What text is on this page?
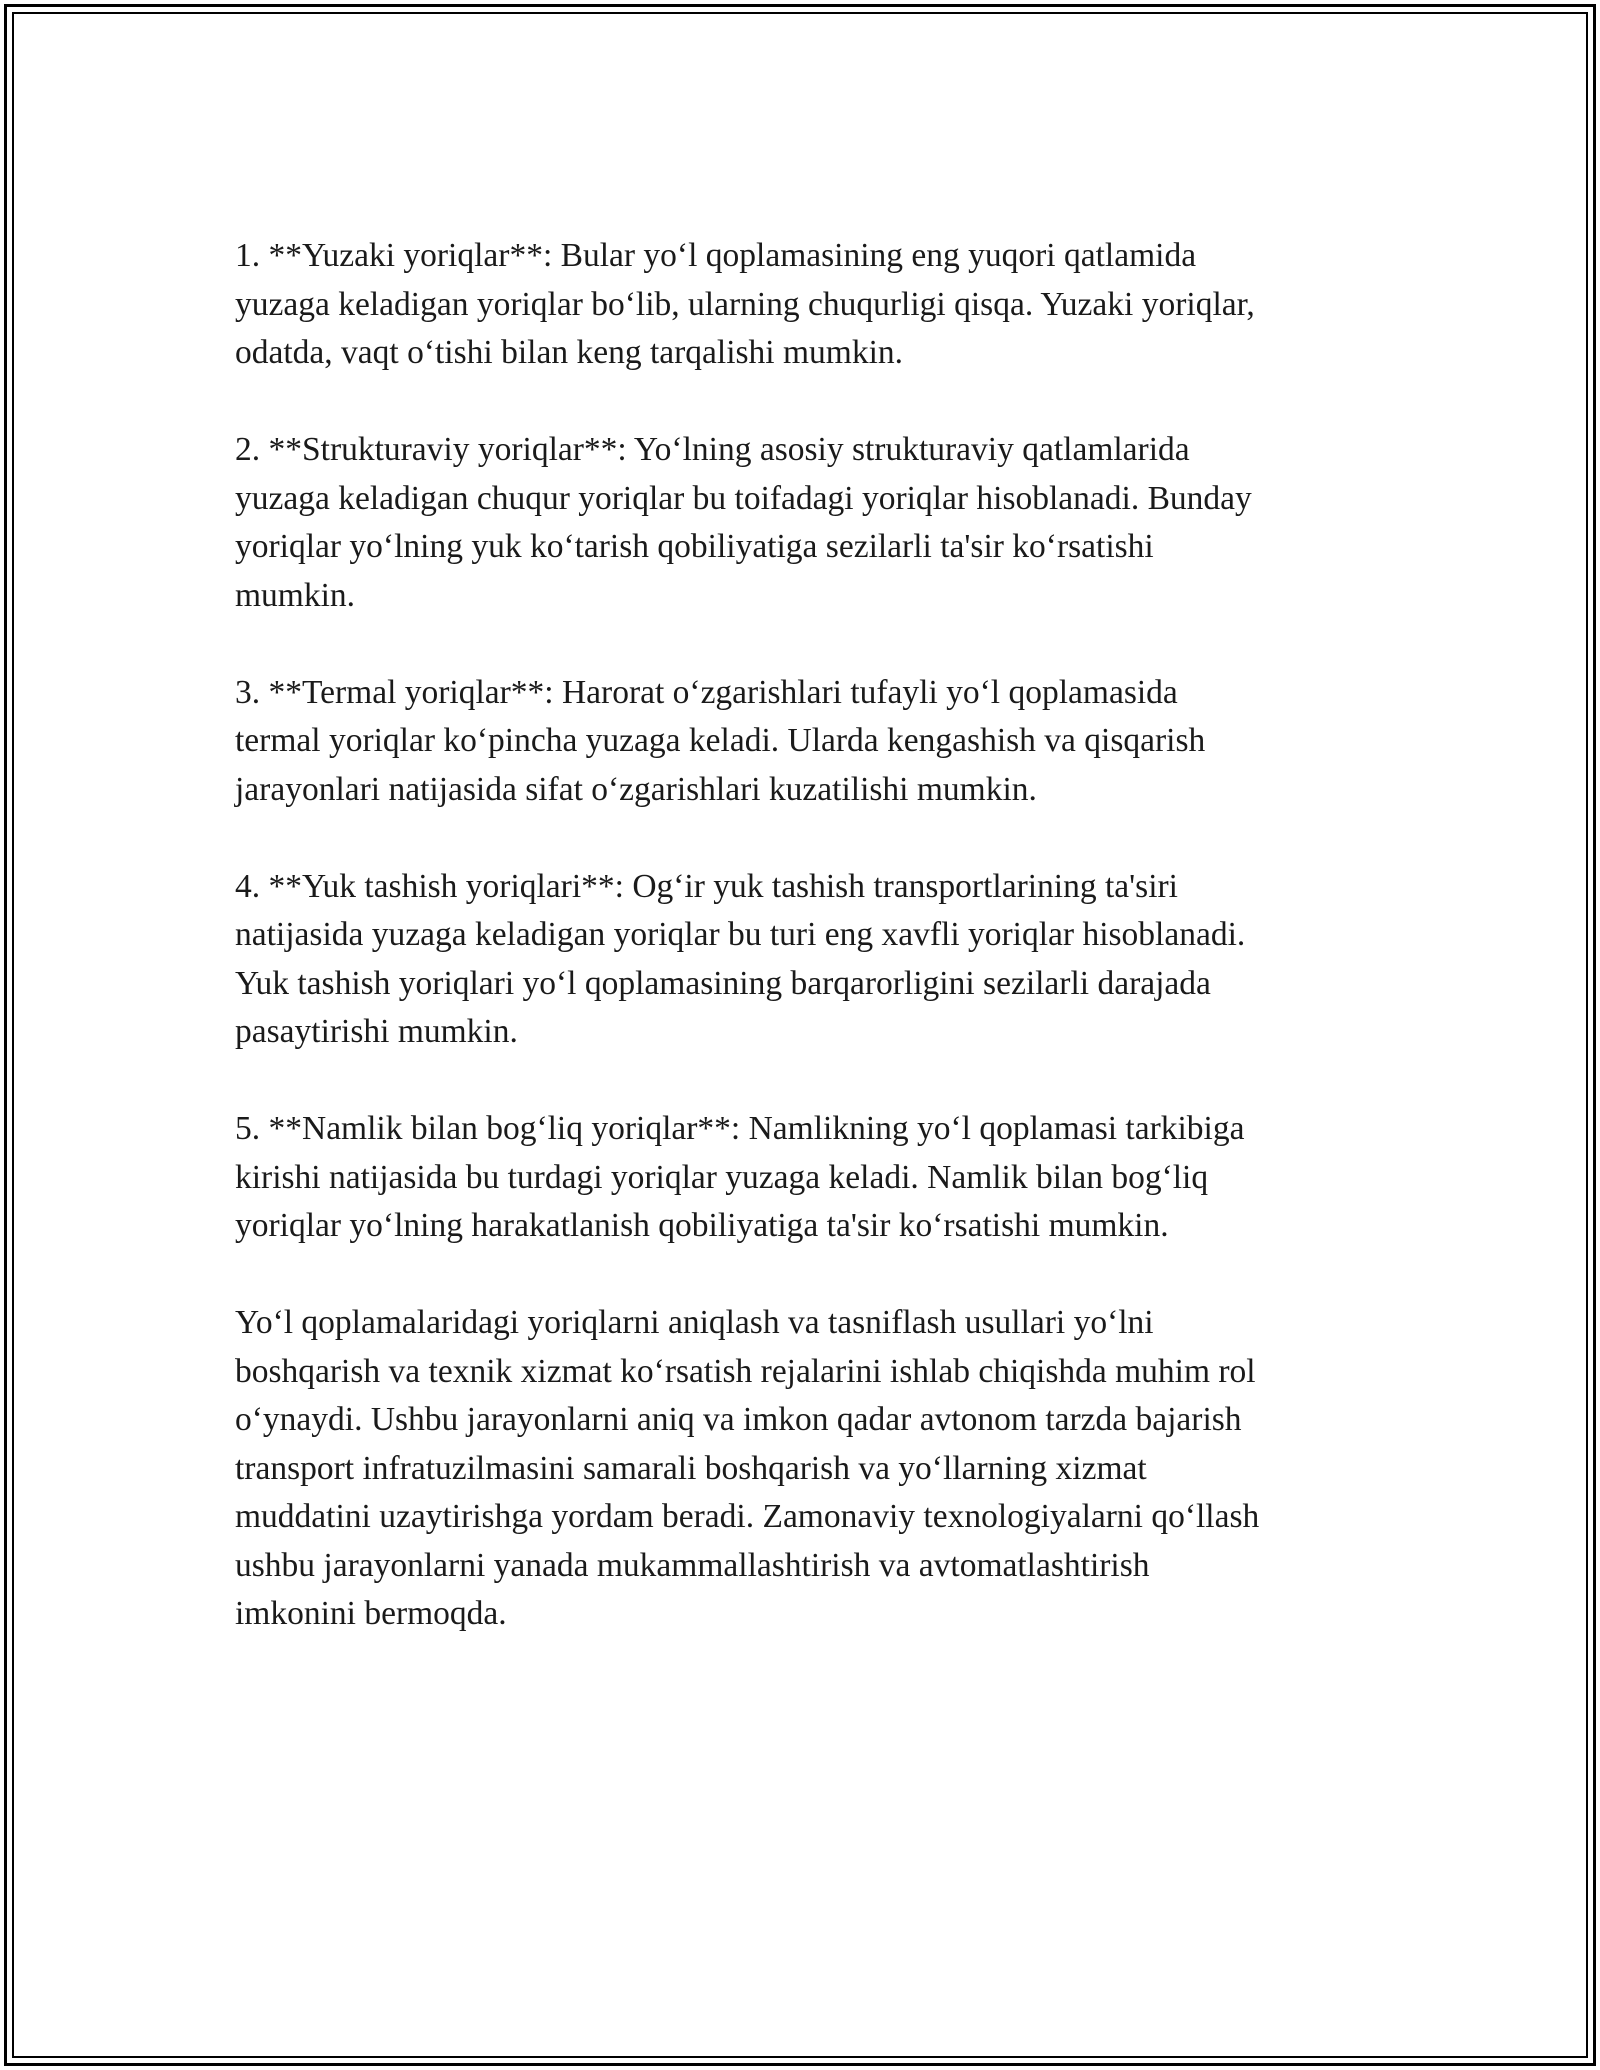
1. **Yuzaki yoriqlar**: Bular yo‘l qoplamasining eng yuqori qatlamida
yuzaga keladigan yoriqlar bo‘lib, ularning chuqurligi qisqa. Yuzaki yoriqlar,
odatda, vaqt o‘tishi bilan keng tarqalishi mumkin.

2. **Strukturaviy yoriqlar**: Yo‘lning asosiy strukturaviy qatlamlarida
yuzaga keladigan chuqur yoriqlar bu toifadagi yoriqlar hisoblanadi. Bunday
yoriqlar yo‘lning yuk ko‘tarish qobiliyatiga sezilarli ta'sir ko‘rsatishi
mumkin.

3. **Termal yoriqlar**: Harorat o‘zgarishlari tufayli yo‘l qoplamasida
termal yoriqlar ko‘pincha yuzaga keladi. Ularda kengashish va qisqarish
jarayonlari natijasida sifat o‘zgarishlari kuzatilishi mumkin.

4. **Yuk tashish yoriqlari**: Og‘ir yuk tashish transportlarining ta'siri
natijasida yuzaga keladigan yoriqlar bu turi eng xavfli yoriqlar hisoblanadi.
Yuk tashish yoriqlari yo‘l qoplamasining barqarorligini sezilarli darajada
pasaytirishi mumkin.

5. **Namlik bilan bog‘liq yoriqlar**: Namlikning yo‘l qoplamasi tarkibiga
kirishi natijasida bu turdagi yoriqlar yuzaga keladi. Namlik bilan bog‘liq
yoriqlar yo‘lning harakatlanish qobiliyatiga ta'sir ko‘rsatishi mumkin.

Yo‘l qoplamalaridagi yoriqlarni aniqlash va tasniflash usullari yo‘lni
boshqarish va texnik xizmat ko‘rsatish rejalarini ishlab chiqishda muhim rol
o‘ynaydi. Ushbu jarayonlarni aniq va imkon qadar avtonom tarzda bajarish
transport infratuzilmasini samarali boshqarish va yo‘llarning xizmat
muddatini uzaytirishga yordam beradi. Zamonaviy texnologiyalarni qo‘llash
ushbu jarayonlarni yanada mukammallashtirish va avtomatlashtirish
imkonini bermoqda.
